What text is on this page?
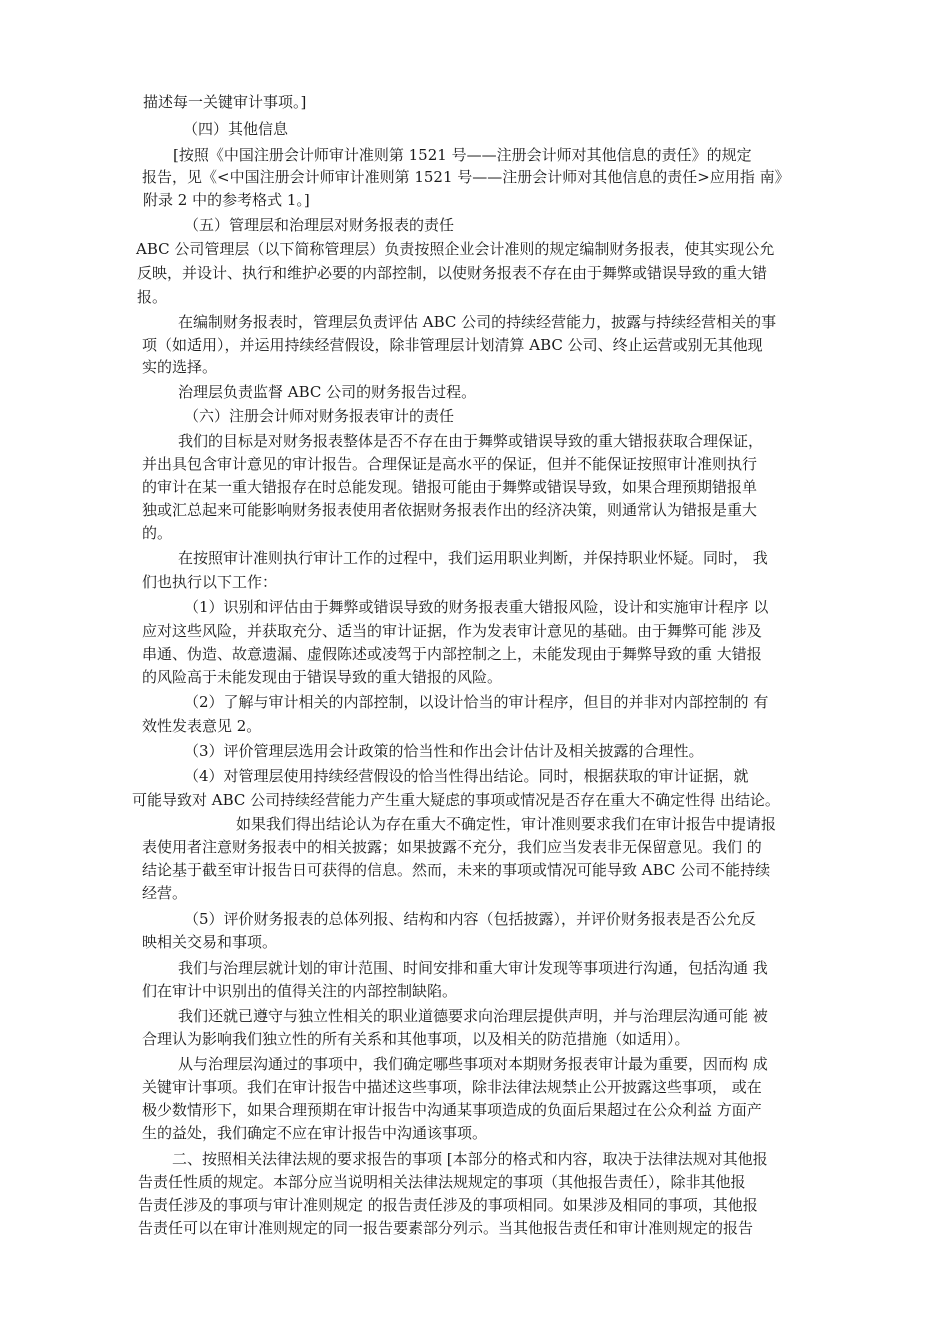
描述每一关键审计事项。]
（四）其他信息
[按照《中国注册会计师审计准则第 1521 号——注册会计师对其他信息的责任》的规定
报告，见《<中国注册会计师审计准则第 1521 号——注册会计师对其他信息的责任>应用指 南》
附录 2 中的参考格式 1。]
（五）管理层和治理层对财务报表的责任
ABC 公司管理层（以下简称管理层）负责按照企业会计准则的规定编制财务报表，使其实现公允
反映，并设计、执行和维护必要的内部控制，以使财务报表不存在由于舞弊或错误导致的重大错
报。
在编制财务报表时，管理层负责评估 ABC 公司的持续经营能力，披露与持续经营相关的事
项（如适用），并运用持续经营假设，除非管理层计划清算 ABC 公司、终止运营或别无其他现
实的选择。
治理层负责监督 ABC 公司的财务报告过程。
（六）注册会计师对财务报表审计的责任
我们的目标是对财务报表整体是否不存在由于舞弊或错误导致的重大错报获取合理保证，
并出具包含审计意见的审计报告。合理保证是高水平的保证，但并不能保证按照审计准则执行
的审计在某一重大错报存在时总能发现。错报可能由于舞弊或错误导致，如果合理预期错报单
独或汇总起来可能影响财务报表使用者依据财务报表作出的经济决策，则通常认为错报是重大
的。
在按照审计准则执行审计工作的过程中，我们运用职业判断，并保持职业怀疑。同时， 我
们也执行以下工作：
（1）识别和评估由于舞弊或错误导致的财务报表重大错报风险，设计和实施审计程序 以
应对这些风险，并获取充分、适当的审计证据，作为发表审计意见的基础。由于舞弊可能 涉及
串通、伪造、故意遗漏、虚假陈述或凌驾于内部控制之上，未能发现由于舞弊导致的重 大错报
的风险高于未能发现由于错误导致的重大错报的风险。
（2）了解与审计相关的内部控制，以设计恰当的审计程序，但目的并非对内部控制的 有
效性发表意见 2。
（3）评价管理层选用会计政策的恰当性和作出会计估计及相关披露的合理性。
（4）对管理层使用持续经营假设的恰当性得出结论。同时，根据获取的审计证据，就
可能导致对 ABC 公司持续经营能力产生重大疑虑的事项或情况是否存在重大不确定性得 出结论。
如果我们得出结论认为存在重大不确定性，审计准则要求我们在审计报告中提请报
表使用者注意财务报表中的相关披露；如果披露不充分，我们应当发表非无保留意见。我们 的
结论基于截至审计报告日可获得的信息。然而，未来的事项或情况可能导致 ABC 公司不能持续
经营。
（5）评价财务报表的总体列报、结构和内容（包括披露），并评价财务报表是否公允反
映相关交易和事项。
我们与治理层就计划的审计范围、时间安排和重大审计发现等事项进行沟通，包括沟通 我
们在审计中识别出的值得关注的内部控制缺陷。
我们还就已遵守与独立性相关的职业道德要求向治理层提供声明，并与治理层沟通可能 被
合理认为影响我们独立性的所有关系和其他事项，以及相关的防范措施（如适用）。
从与治理层沟通过的事项中，我们确定哪些事项对本期财务报表审计最为重要，因而构 成
关键审计事项。我们在审计报告中描述这些事项，除非法律法规禁止公开披露这些事项， 或在
极少数情形下，如果合理预期在审计报告中沟通某事项造成的负面后果超过在公众利益 方面产
生的益处，我们确定不应在审计报告中沟通该事项。
二、按照相关法律法规的要求报告的事项 [本部分的格式和内容，取决于法律法规对其他报
告责任性质的规定。本部分应当说明相关法律法规规定的事项（其他报告责任），除非其他报
告责任涉及的事项与审计准则规定 的报告责任涉及的事项相同。如果涉及相同的事项，其他报
告责任可以在审计准则规定的同一报告要素部分列示。当其他报告责任和审计准则规定的报告
